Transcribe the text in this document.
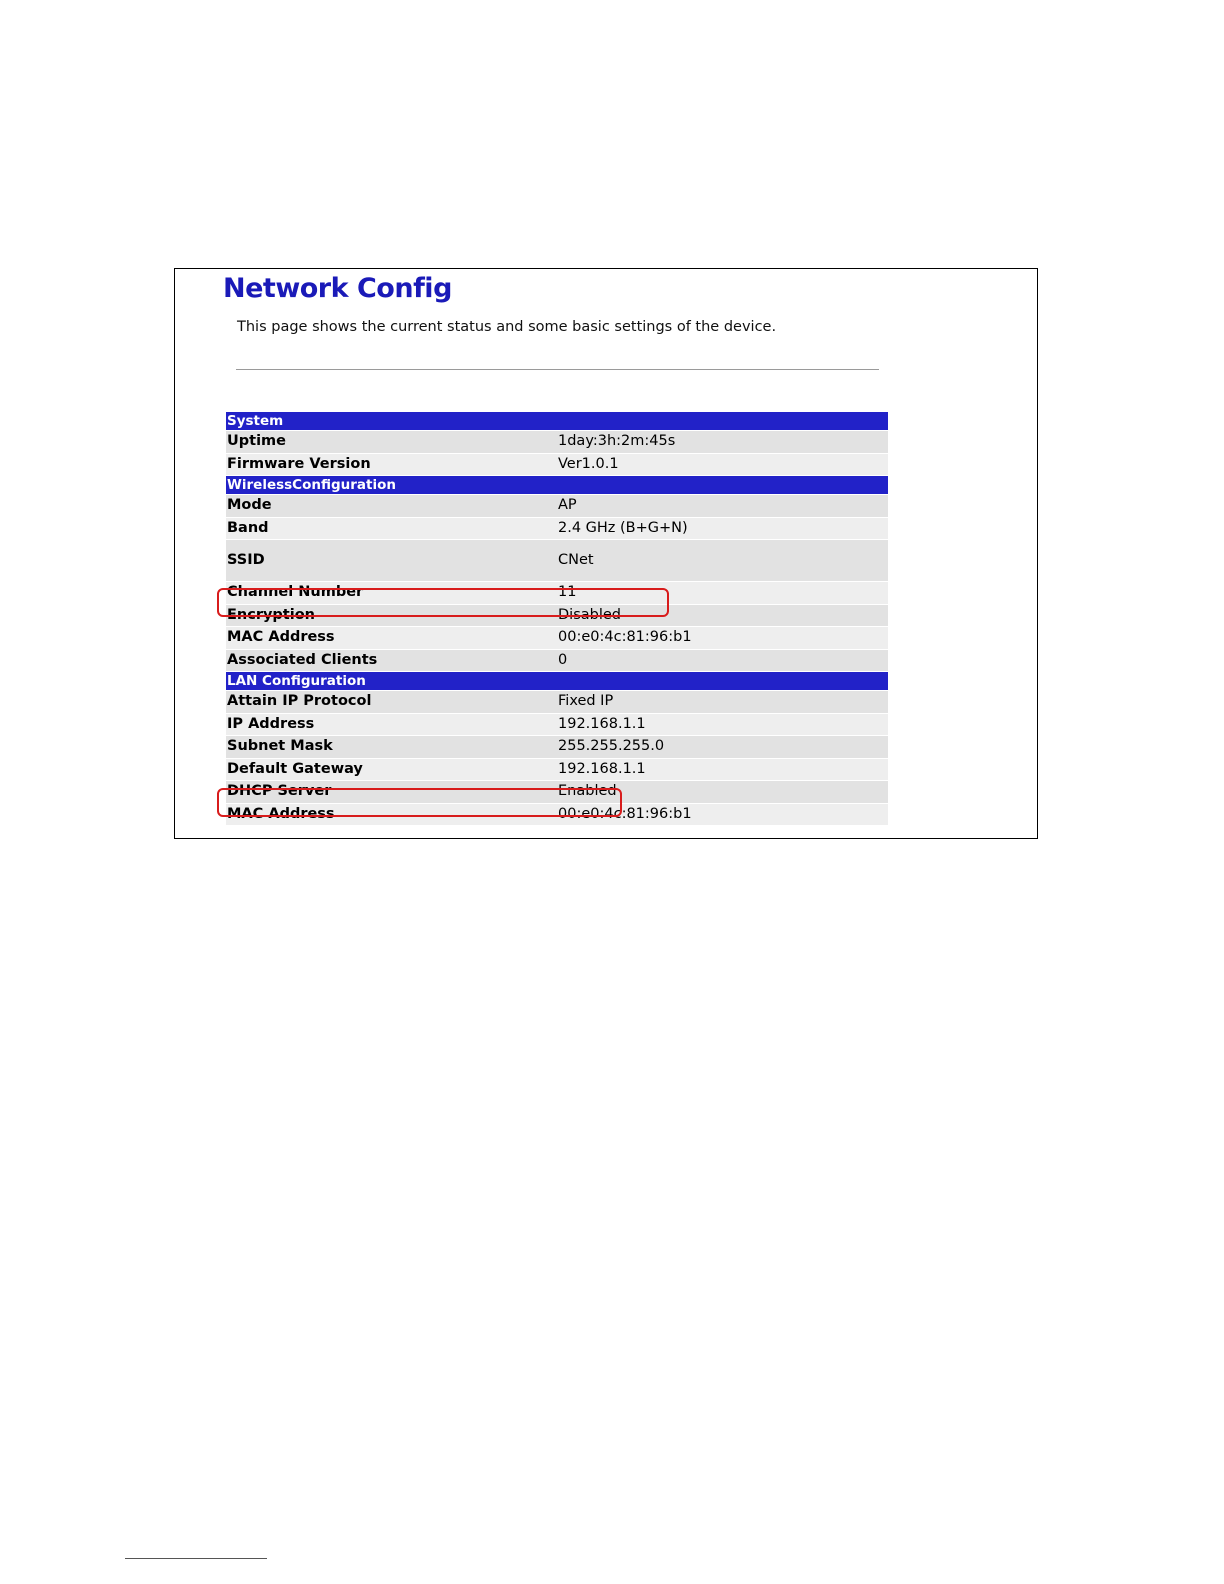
Network Config

This page shows the current status and some basic settings of the device.

System	
Uptime	1day:3h:2m:45s
Firmware Version	Ver1.0.1
WirelessConfiguration	
Mode	AP
Band	2.4 GHz (B+G+N)
SSID	CNet
Channel Number	11
Encryption	Disabled
MAC Address	00:e0:4c:81:96:b1
Associated Clients	0
LAN Configuration	
Attain IP Protocol	Fixed IP
IP Address	192.168.1.1
Subnet Mask	255.255.255.0
Default Gateway	192.168.1.1
DHCP Server	Enabled
MAC Address	00:e0:4c:81:96:b1
